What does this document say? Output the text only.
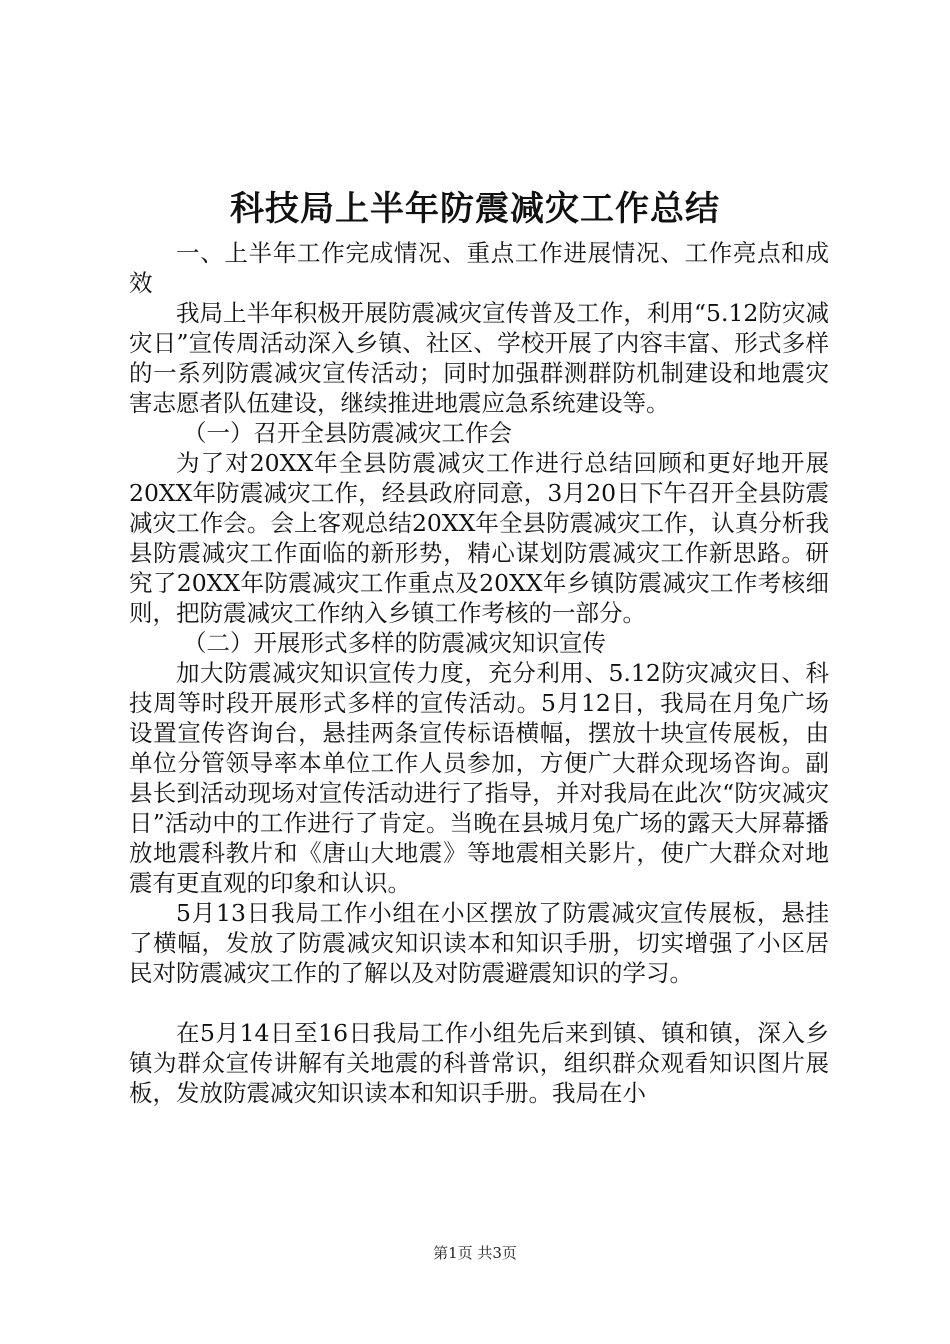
科技局上半年防震减灾工作总结

一、上半年工作完成情况、重点工作进展情况、工作亮点和成效

我局上半年积极开展防震减灾宣传普及工作，利用“5.12防灾减灾日”宣传周活动深入乡镇、社区、学校开展了内容丰富、形式多样的一系列防震减灾宣传活动；同时加强群测群防机制建设和地震灾害志愿者队伍建设，继续推进地震应急系统建设等。

（一）召开全县防震减灾工作会

为了对20XX年全县防震减灾工作进行总结回顾和更好地开展20XX年防震减灾工作，经县政府同意，3月20日下午召开全县防震减灾工作会。会上客观总结20XX年全县防震减灾工作，认真分析我县防震减灾工作面临的新形势，精心谋划防震减灾工作新思路。研究了20XX年防震减灾工作重点及20XX年乡镇防震减灾工作考核细则，把防震减灾工作纳入乡镇工作考核的一部分。

（二）开展形式多样的防震减灾知识宣传

加大防震减灾知识宣传力度，充分利用、5.12防灾减灾日、科技周等时段开展形式多样的宣传活动。5月12日，我局在月兔广场设置宣传咨询台，悬挂两条宣传标语横幅，摆放十块宣传展板，由单位分管领导率本单位工作人员参加，方便广大群众现场咨询。副县长到活动现场对宣传活动进行了指导，并对我局在此次“防灾减灾日”活动中的工作进行了肯定。当晚在县城月兔广场的露天大屏幕播放地震科教片和《唐山大地震》等地震相关影片，使广大群众对地震有更直观的印象和认识。

5月13日我局工作小组在小区摆放了防震减灾宣传展板，悬挂了横幅，发放了防震减灾知识读本和知识手册，切实增强了小区居民对防震减灾工作的了解以及对防震避震知识的学习。

在5月14日至16日我局工作小组先后来到镇、镇和镇，深入乡镇为群众宣传讲解有关地震的科普常识，组织群众观看知识图片展板，发放防震减灾知识读本和知识手册。我局在小

第1页 共3页
